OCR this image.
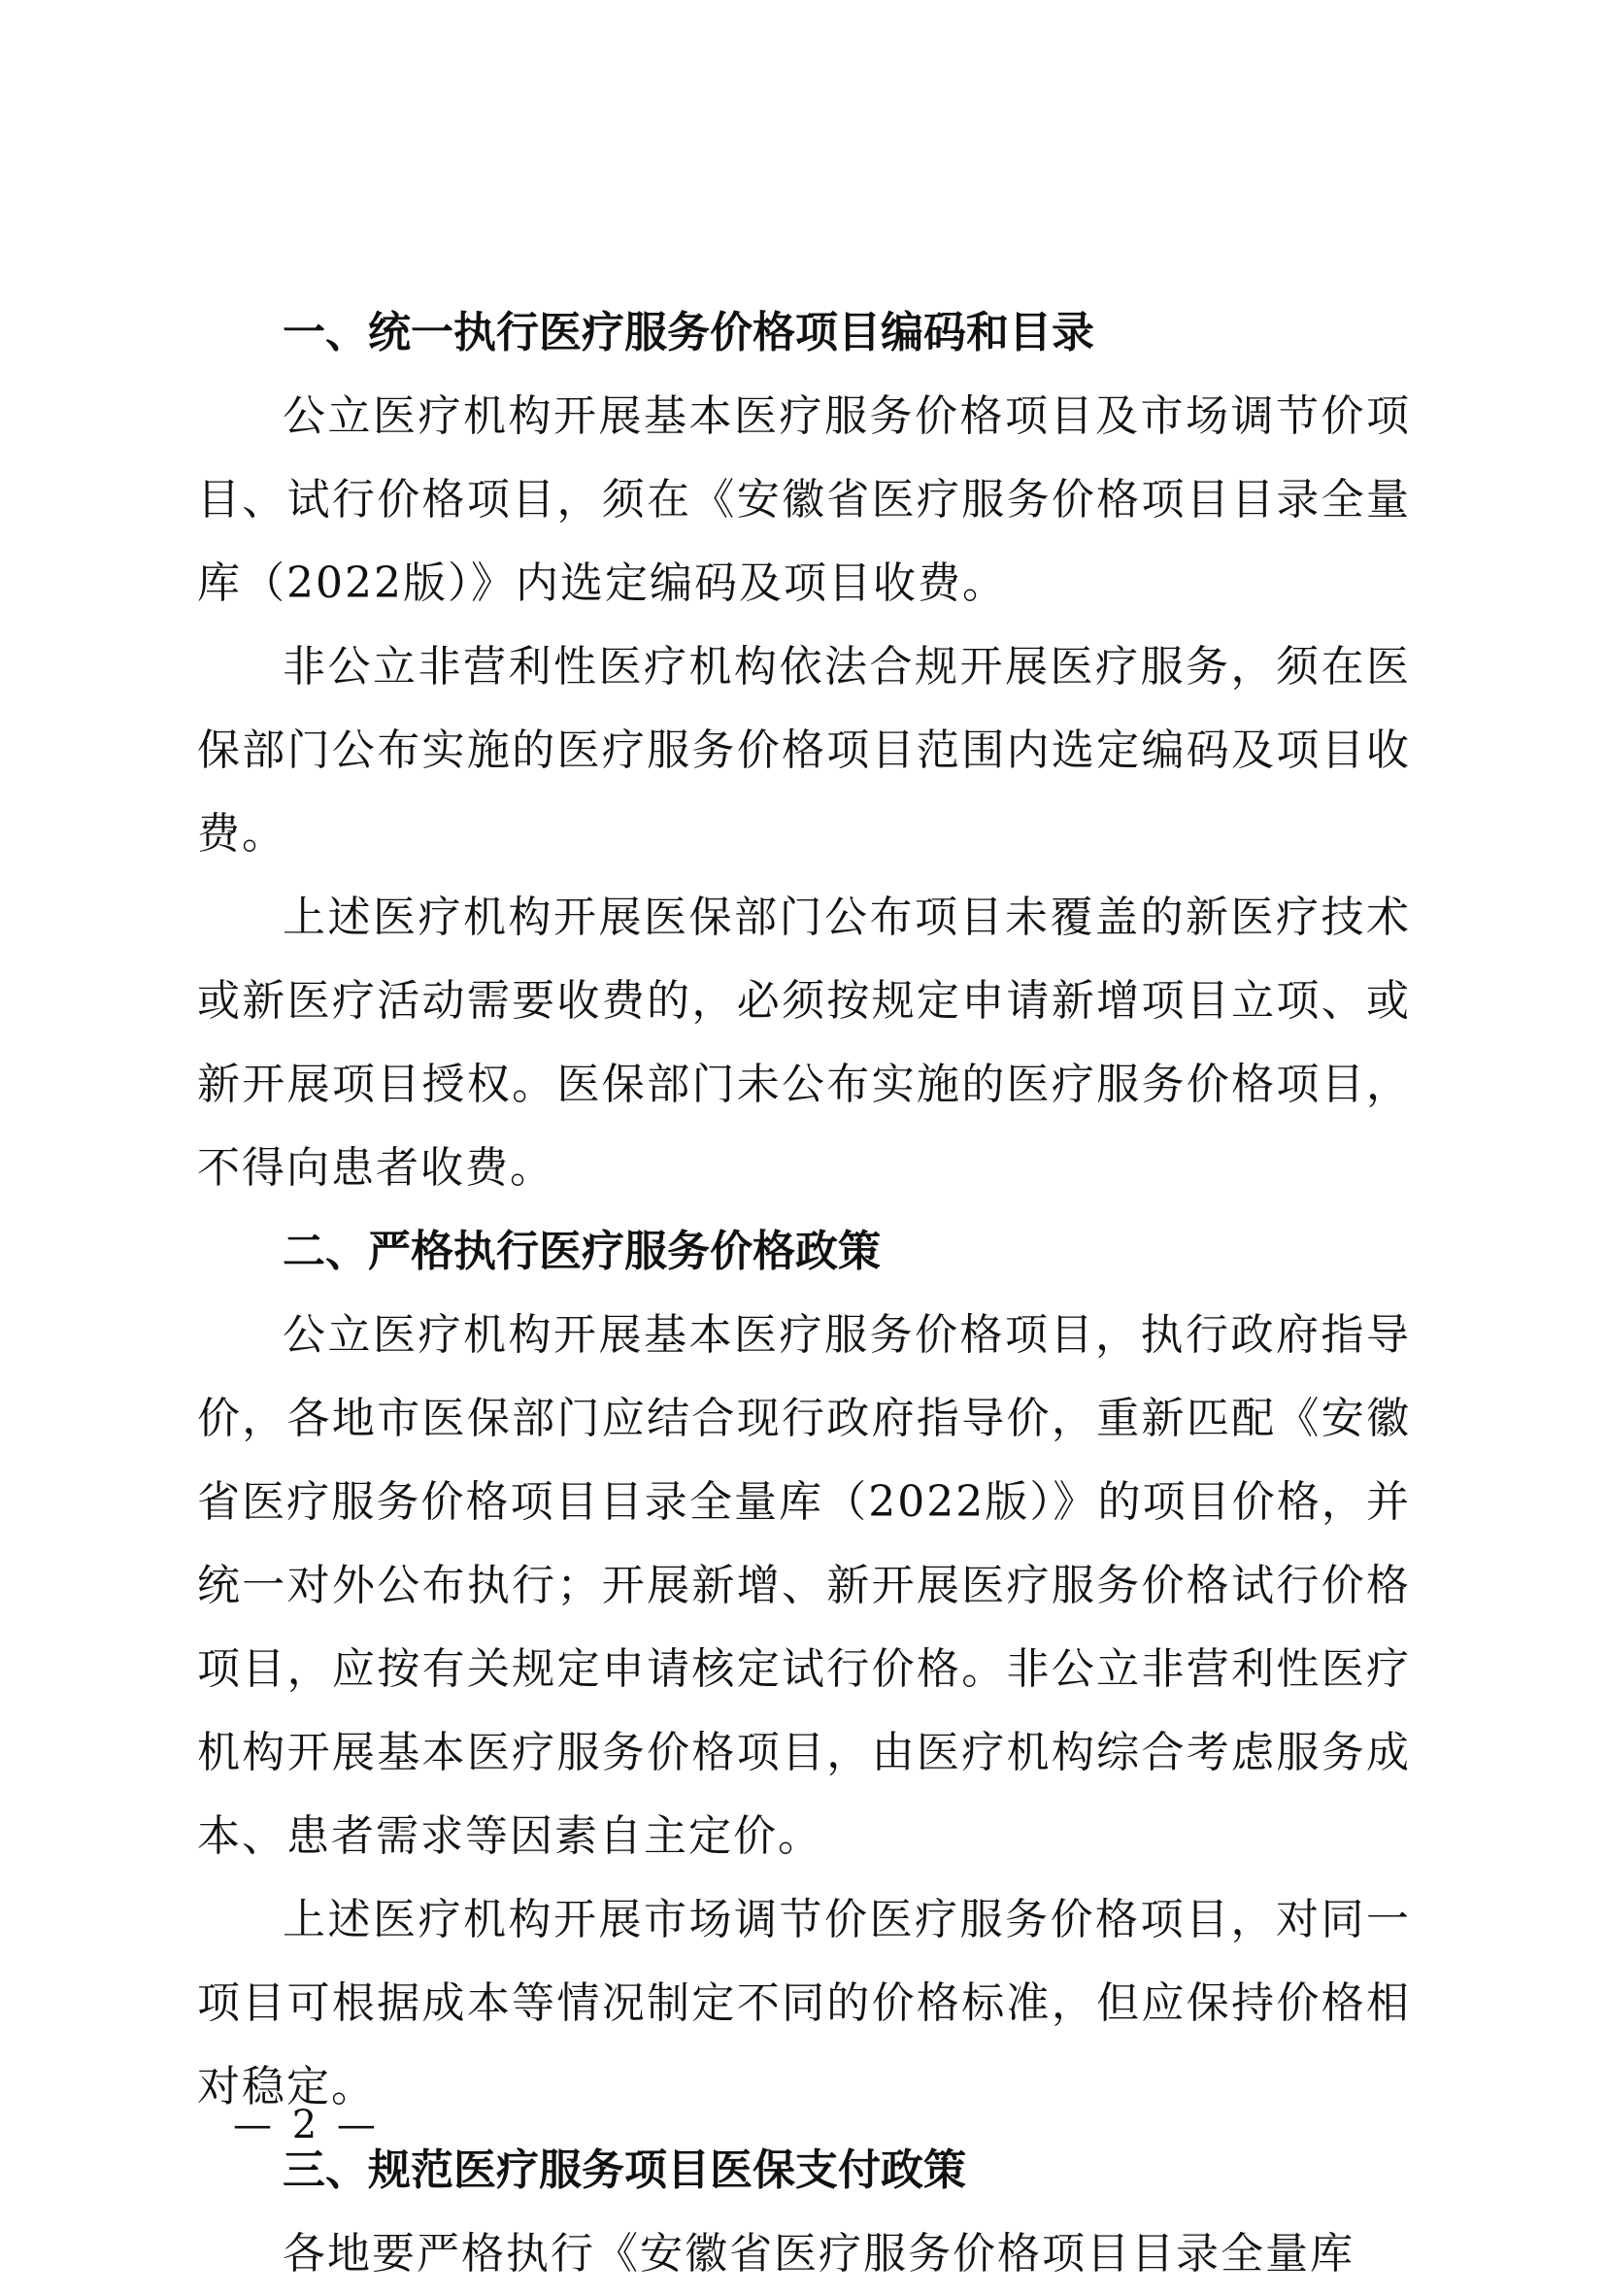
一、统一执行医疗服务价格项目编码和目录

公立医疗机构开展基本医疗服务价格项目及市场调节价项目、试行价格项目，须在《安徽省医疗服务价格项目目录全量库（2022版）》内选定编码及项目收费。

非公立非营利性医疗机构依法合规开展医疗服务，须在医保部门公布实施的医疗服务价格项目范围内选定编码及项目收费。

上述医疗机构开展医保部门公布项目未覆盖的新医疗技术或新医疗活动需要收费的，必须按规定申请新增项目立项、或新开展项目授权。医保部门未公布实施的医疗服务价格项目，不得向患者收费。

二、严格执行医疗服务价格政策

公立医疗机构开展基本医疗服务价格项目，执行政府指导价，各地市医保部门应结合现行政府指导价，重新匹配《安徽省医疗服务价格项目目录全量库（2022版）》的项目价格，并统一对外公布执行；开展新增、新开展医疗服务价格试行价格项目，应按有关规定申请核定试行价格。非公立非营利性医疗机构开展基本医疗服务价格项目，由医疗机构综合考虑服务成本、患者需求等因素自主定价。

上述医疗机构开展市场调节价医疗服务价格项目，对同一项目可根据成本等情况制定不同的价格标准，但应保持价格相对稳定。

三、规范医疗服务项目医保支付政策

各地要严格执行《安徽省医疗服务价格项目目录全量库

— 2 —
